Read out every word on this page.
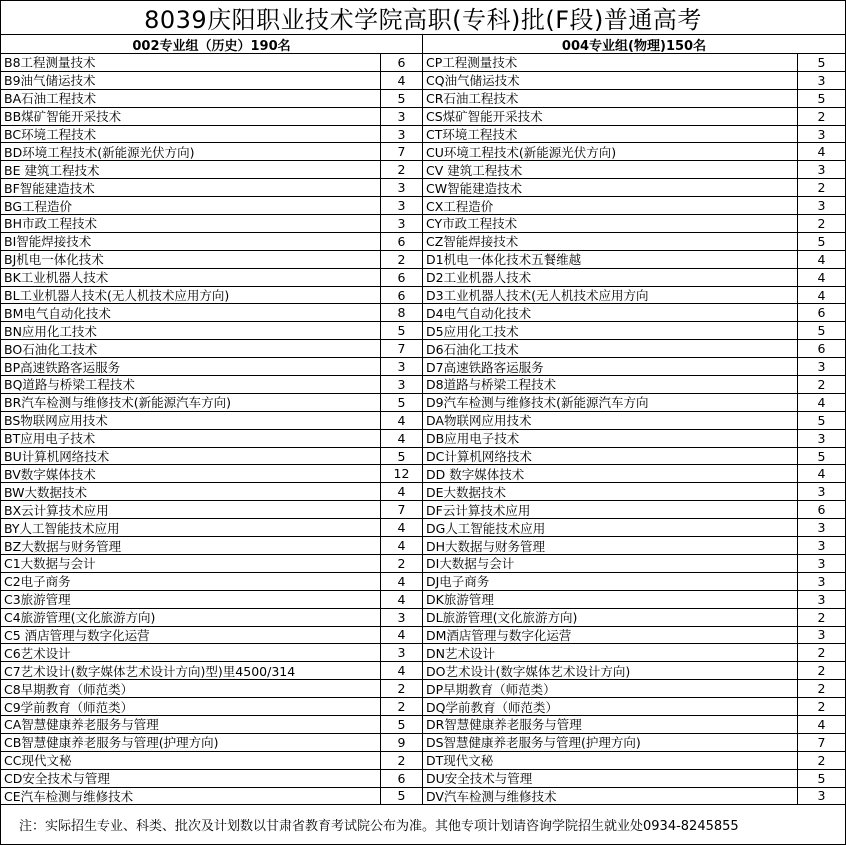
8039庆阳职业技术学院高职(专科)批(F段)普通高考
002专业组（历史）190名
B8工程测量技术	6
B9油气储运技术	4
BA石油工程技术	5
BB煤矿智能开采技术	3
BC环境工程技术	3
BD环境工程技术(新能源光伏方向)	7
BE 建筑工程技术	2
BF智能建造技术	3
BG工程造价	3
BH市政工程技术	3
BI智能焊接技术	6
BJ机电一体化技术	2
BK工业机器人技术	6
BL工业机器人技术(无人机技术应用方向)	6
BM电气自动化技术	8
BN应用化工技术	5
BO石油化工技术	7
BP高速铁路客运服务	3
BQ道路与桥梁工程技术	3
BR汽车检测与维修技术(新能源汽车方向)	5
BS物联网应用技术	4
BT应用电子技术	4
BU计算机网络技术	5
BV数字媒体技术	12
BW大数据技术	4
BX云计算技术应用	7
BY人工智能技术应用	4
BZ大数据与财务管理	4
C1大数据与会计	2
C2电子商务	4
C3旅游管理	4
C4旅游管理(文化旅游方向)	3
C5 酒店管理与数字化运营	4
C6艺术设计	3
C7艺术设计(数字媒体艺术设计方向)型)里4500/314	4
C8早期教育（师范类）	2
C9学前教育（师范类）	2
CA智慧健康养老服务与管理	5
CB智慧健康养老服务与管理(护理方向)	9
CC现代文秘	2
CD安全技术与管理	6
CE汽车检测与维修技术	5
004专业组(物理)150名
CP工程测量技术	5
CQ油气储运技术	3
CR石油工程技术	5
CS煤矿智能开采技术	2
CT环境工程技术	3
CU环境工程技术(新能源光伏方向)	4
CV 建筑工程技术	3
CW智能建造技术	2
CX工程造价	3
CY市政工程技术	2
CZ智能焊接技术	5
D1机电一体化技术五餐维越	4
D2工业机器人技术	4
D3工业机器人技术(无人机技术应用方向	4
D4电气自动化技术	6
D5应用化工技术	5
D6石油化工技术	6
D7高速铁路客运服务	3
D8道路与桥梁工程技术	2
D9汽车检测与维修技术(新能源汽车方向	4
DA物联网应用技术	5
DB应用电子技术	3
DC计算机网络技术	5
DD 数字媒体技术	4
DE大数据技术	3
DF云计算技术应用	6
DG人工智能技术应用	3
DH大数据与财务管理	3
DI大数据与会计	3
DJ电子商务	3
DK旅游管理	3
DL旅游管理(文化旅游方向)	2
DM酒店管理与数字化运营	3
DN艺术设计	2
DO艺术设计(数字媒体艺术设计方向)	2
DP早期教育（师范类）	2
DQ学前教育（师范类）	2
DR智慧健康养老服务与管理	4
DS智慧健康养老服务与管理(护理方向)	7
DT现代文秘	2
DU安全技术与管理	5
DV汽车检测与维修技术	3
注：实际招生专业、科类、批次及计划数以甘肃省教育考试院公布为准。其他专项计划请咨询学院招生就业处0934-8245855
